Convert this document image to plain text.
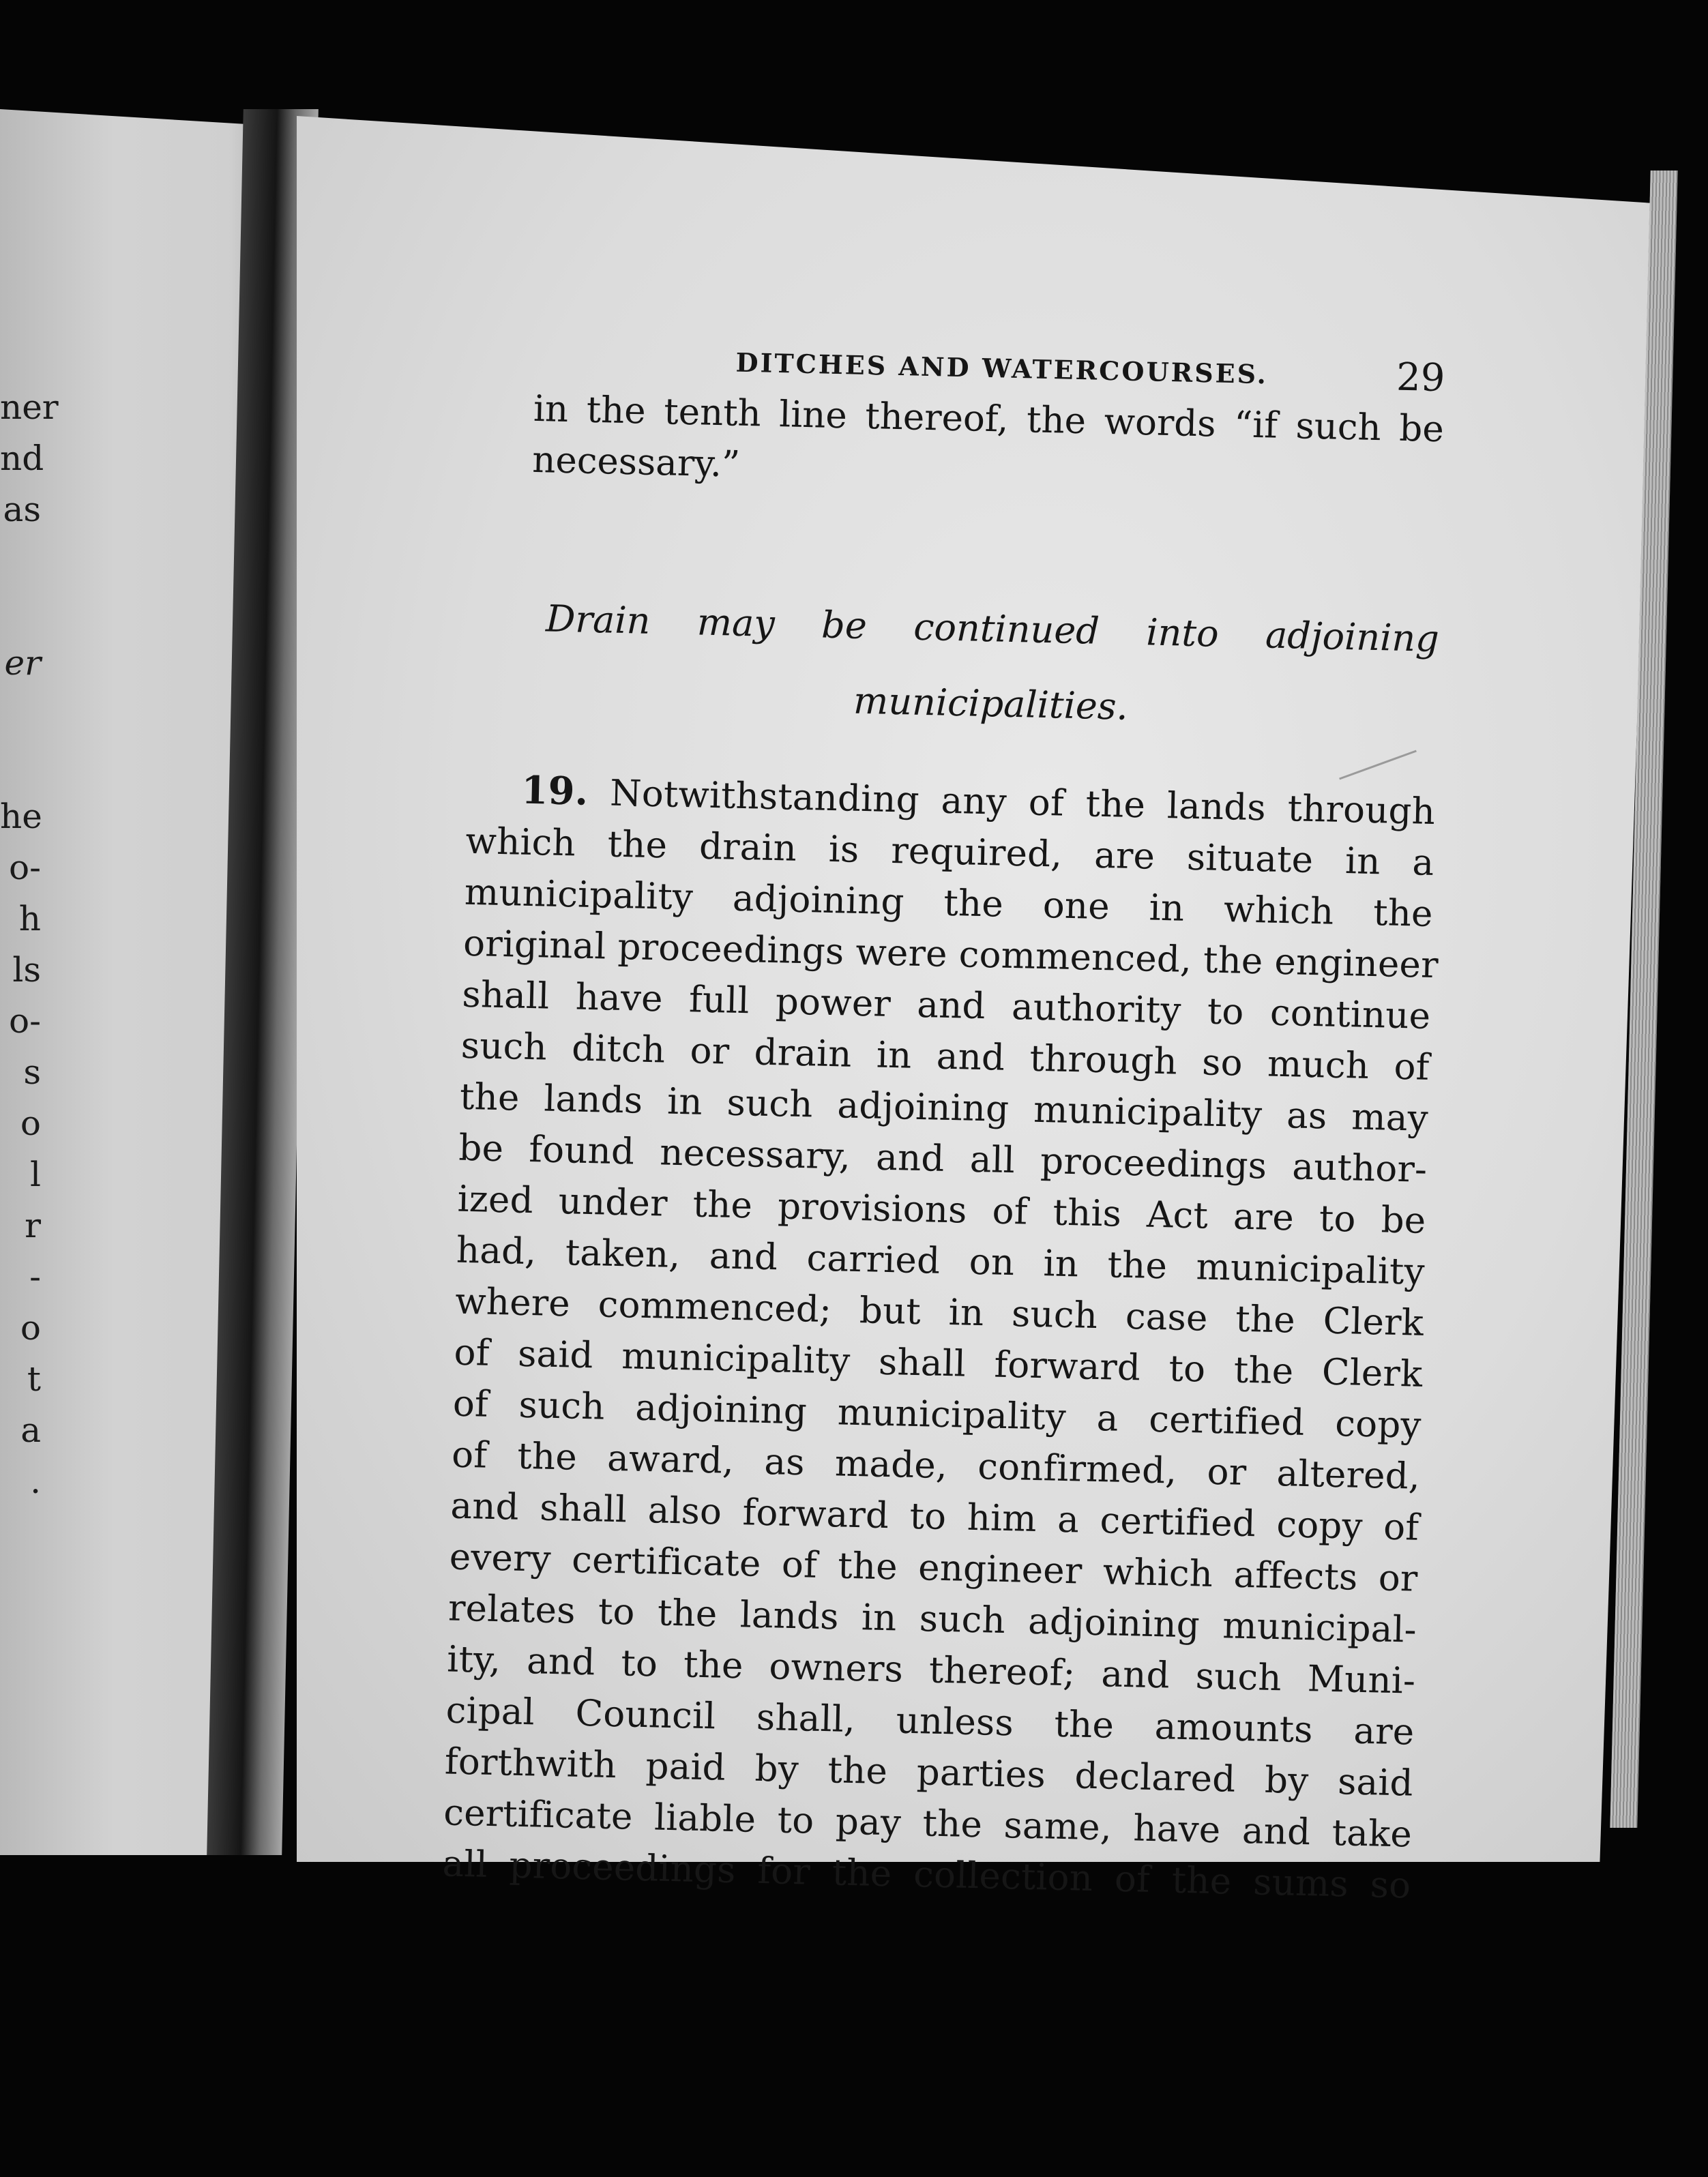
ner
nd
as
er
he
o-
h
ls
o-
s
o
l
r
-
o
t
a
.
DITCHES AND WATERCOURSES.	29
in the tenth line thereof, the words “if such be
necessary.”
Drain may be continued into adjoining
municipalities.
19. Notwithstanding any of the lands through
which the drain is required, are situate in a
municipality adjoining the one in which the
original proceedings were commenced, the engineer
shall have full power and authority to continue
such ditch or drain in and through so much of
the lands in such adjoining municipality as may
be found necessary, and all proceedings author-
ized under the provisions of this Act are to be
had, taken, and carried on in the municipality
where commenced; but in such case the Clerk
of said municipality shall forward to the Clerk
of such adjoining municipality a certified copy
of the award, as made, confirmed, or altered,
and shall also forward to him a certified copy of
every certificate of the engineer which affects or
relates to the lands in such adjoining municipal-
ity, and to the owners thereof; and such Muni-
cipal Council shall, unless the amounts are
forthwith paid by the parties declared by said
certificate liable to pay the same, have and take
all proceedings for the collection of the sums so
